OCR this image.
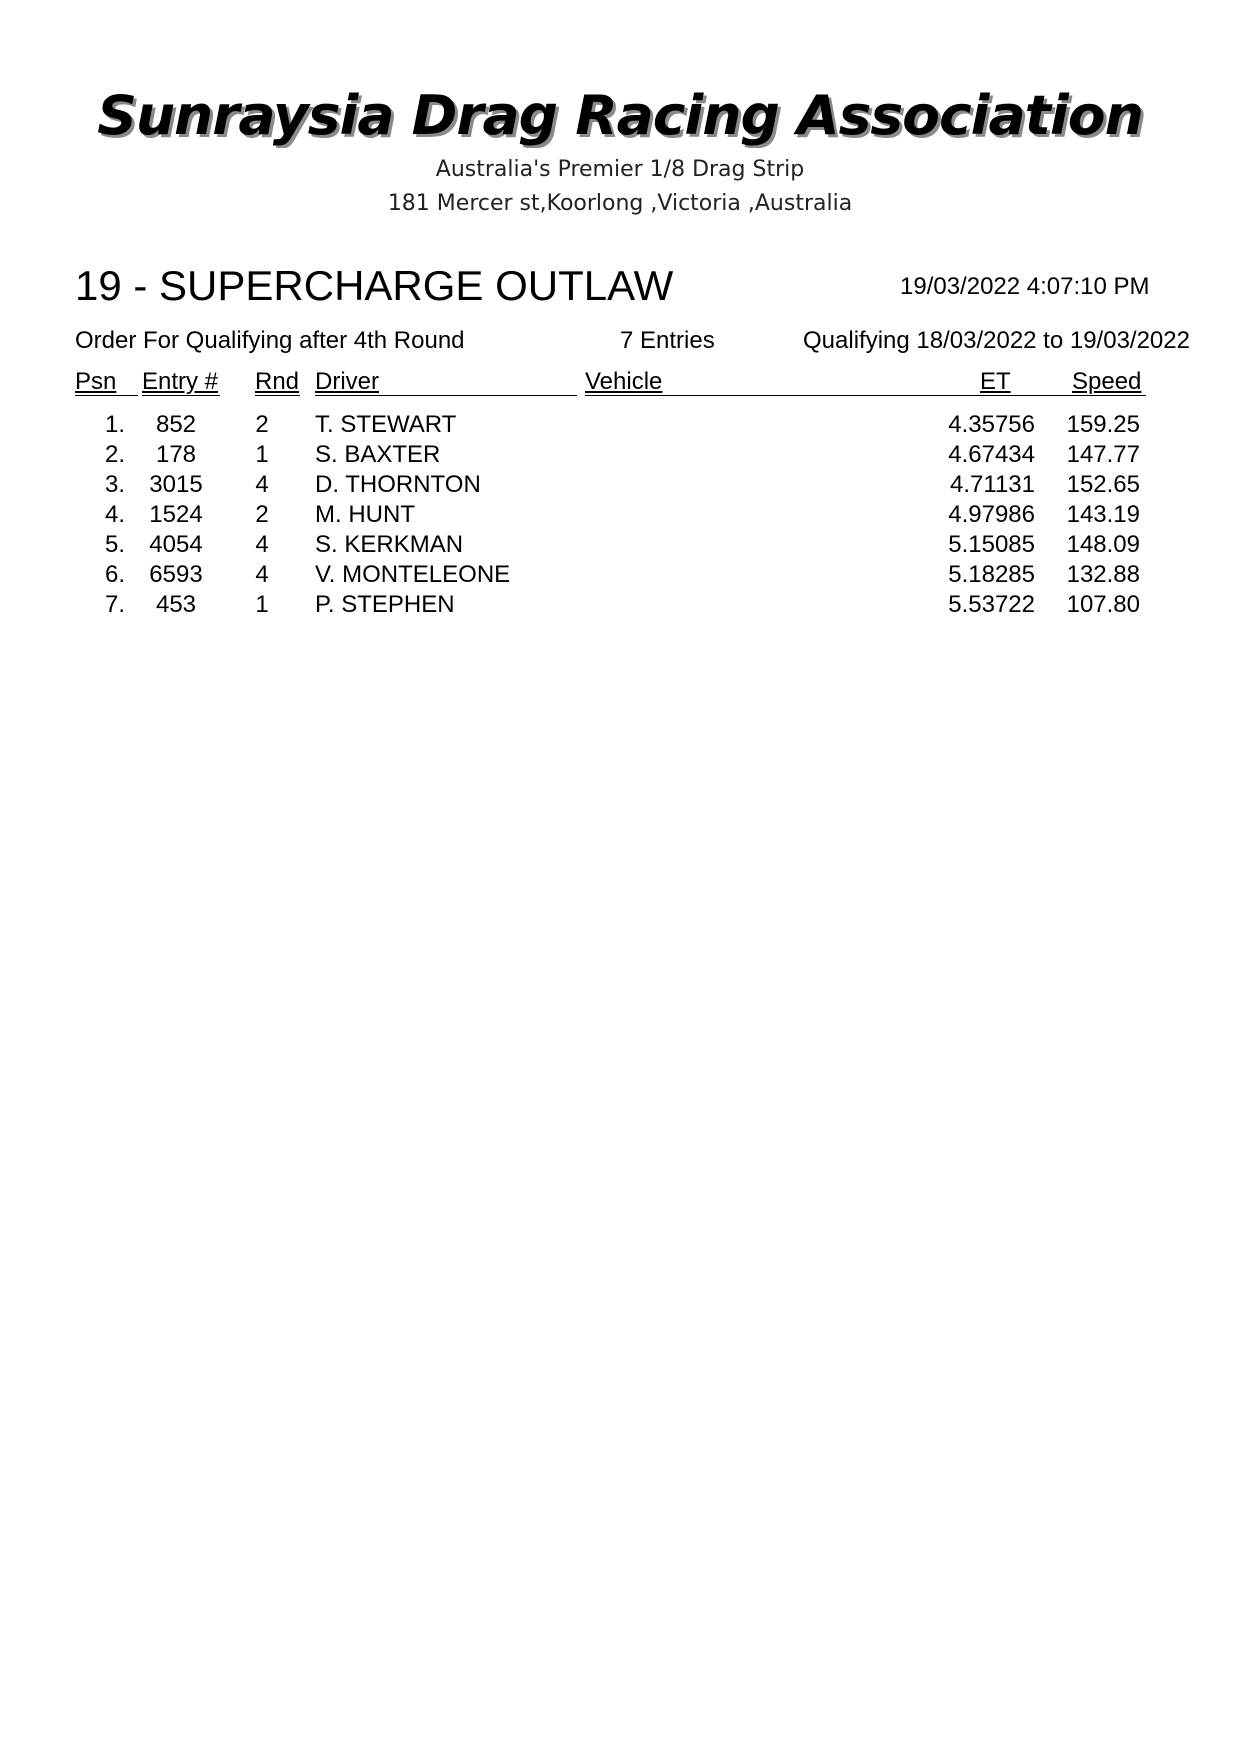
Sunraysia Drag Racing Association
Australia's Premier 1/8 Drag Strip
181 Mercer st,Koorlong ,Victoria ,Australia
19 - SUPERCHARGE OUTLAW	19/03/2022 4:07:10 PM
Order For Qualifying after 4th Round	7 Entries	Qualifying 18/03/2022 to 19/03/2022
Psn Entry # Rnd Driver	Vehicle	ET	Speed
1.	852	2 T. STEWART	4.35756 159.25
2.	178	1 S. BAXTER	4.67434 147.77
3.	3015	4 D. THORNTON	4.71131 152.65
4.	1524	2 M. HUNT	4.97986 143.19
5.	4054	4 S. KERKMAN	5.15085 148.09
6.	6593	4 V. MONTELEONE	5.18285 132.88
7.	453	1 P. STEPHEN	5.53722 107.80
